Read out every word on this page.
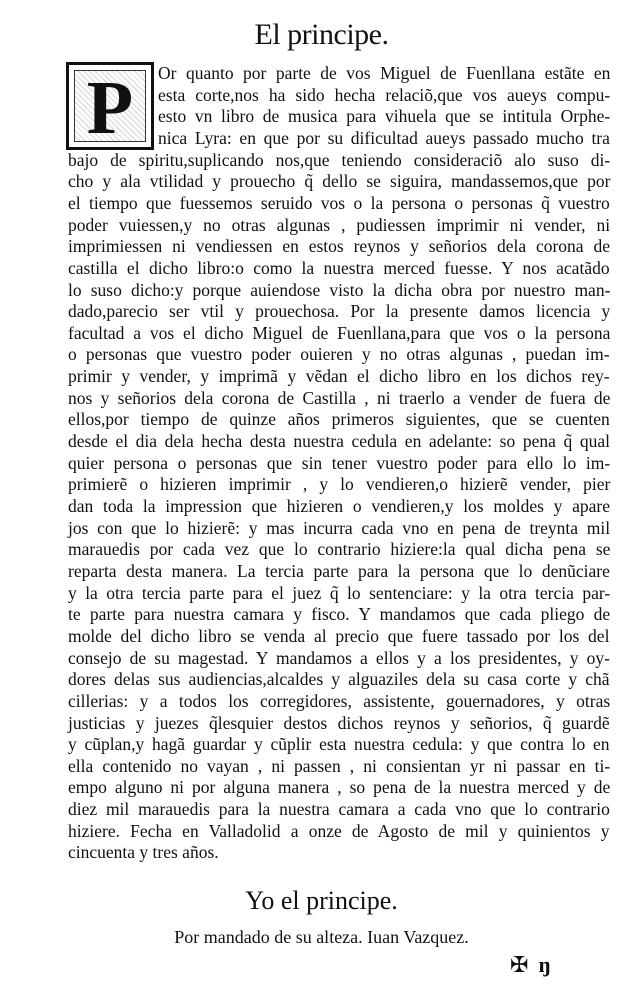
El principe.
P	Or quanto por parte de vos Miguel de Fuenllana estãte en
esta corte,nos ha sido hecha relaciõ,que vos aueys compu-
esto vn libro de musica para vihuela que se intitula Orphe-
nica Lyra: en que por su dificultad aueys passado mucho tra
bajo de spiritu,suplicando nos,que teniendo consideraciõ alo suso di-
cho y ala vtilidad y prouecho q̃ dello se siguira, mandassemos,que por
el tiempo que fuessemos seruido vos o la persona o personas q̃ vuestro
poder vuiessen,y no otras algunas , pudiessen imprimir ni vender, ni
imprimiessen ni vendiessen en estos reynos y señorios dela corona de
castilla el dicho libro:o como la nuestra merced fuesse. Y nos acatãdo
lo suso dicho:y porque auiendose visto la dicha obra por nuestro man-
dado,parecio ser vtil y prouechosa. Por la presente damos licencia y
facultad a vos el dicho Miguel de Fuenllana,para que vos o la persona
o personas que vuestro poder ouieren y no otras algunas , puedan im-
primir y vender, y imprimã y vẽdan el dicho libro en los dichos rey-
nos y señorios dela corona de Castilla , ni traerlo a vender de fuera de
ellos,por tiempo de quinze años primeros siguientes, que se cuenten
desde el dia dela hecha desta nuestra cedula en adelante: so pena q̃ qual
quier persona o personas que sin tener vuestro poder para ello lo im-
primierẽ o hizieren imprimir , y lo vendieren,o hizierẽ vender, pier
dan toda la impression que hizieren o vendieren,y los moldes y apare
jos con que lo hizierẽ: y mas incurra cada vno en pena de treynta mil
marauedis por cada vez que lo contrario hiziere:la qual dicha pena se
reparta desta manera. La tercia parte para la persona que lo denũciare
y la otra tercia parte para el juez q̃ lo sentenciare: y la otra tercia par-
te parte para nuestra camara y fisco. Y mandamos que cada pliego de
molde del dicho libro se venda al precio que fuere tassado por los del
consejo de su magestad. Y mandamos a ellos y a los presidentes, y oy-
dores delas sus audiencias,alcaldes y alguaziles dela su casa corte y chã
cillerias: y a todos los corregidores, assistente, gouernadores, y otras
justicias y juezes q̃lesquier destos dichos reynos y señorios, q̃ guardẽ
y cũplan,y hagã guardar y cũplir esta nuestra cedula: y que contra lo en
ella contenido no vayan , ni passen , ni consientan yr ni passar en ti-
empo alguno ni por alguna manera , so pena de la nuestra merced y de
diez mil marauedis para la nuestra camara a cada vno que lo contrario
hiziere. Fecha en Valladolid a onze de Agosto de mil y quinientos y
cincuenta y tres años.
Yo el principe.
Por mandado de su alteza. Iuan Vazquez.
✠ ŋ
